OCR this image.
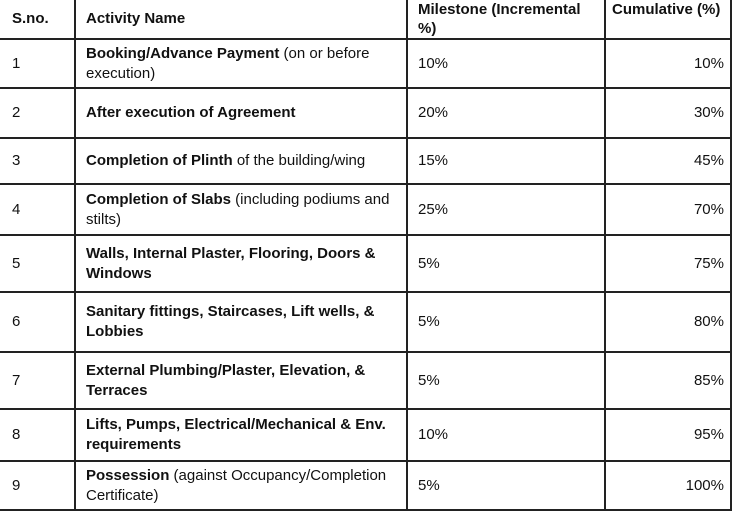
S.no.	Activity Name	Milestone (Incremental %)	Cumulative (%)
1	Booking/Advance Payment (on or before execution)	10%	10%
2	After execution of Agreement	20%	30%
3	Completion of Plinth of the building/wing	15%	45%
4	Completion of Slabs (including podiums and stilts)	25%	70%
5	Walls, Internal Plaster, Flooring, Doors & Windows	5%	75%
6	Sanitary fittings, Staircases, Lift wells, & Lobbies	5%	80%
7	External Plumbing/Plaster, Elevation, & Terraces	5%	85%
8	Lifts, Pumps, Electrical/Mechanical & Env. requirements	10%	95%
9	Possession (against Occupancy/Completion Certificate)	5%	100%
